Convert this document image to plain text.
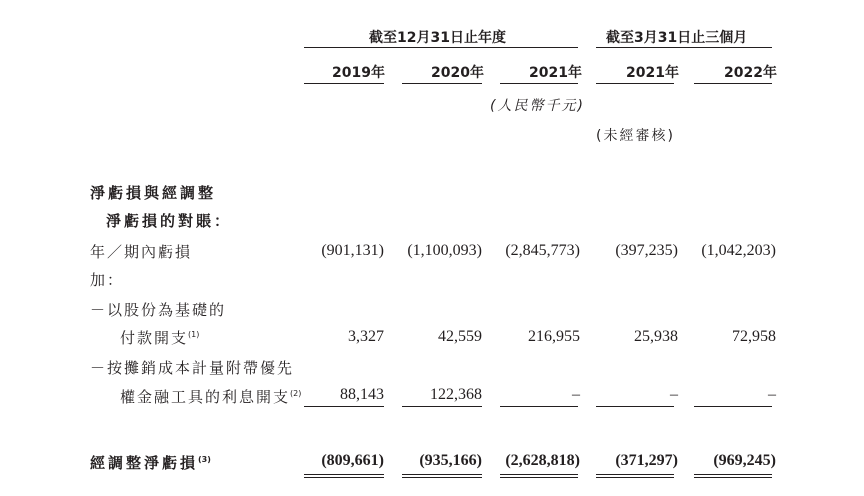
截至12月31日止年度	截至3月31日止三個月
2019年	2020年	2021年	2021年	2022年
(人民幣千元)
(未經審核)
淨虧損與經調整
淨虧損的對賬：
年／期內虧損	(901,131)	(1,100,093)	(2,845,773)	(397,235)	(1,042,203)
加：
－以股份為基礎的
付款開支$^{(1)}$	3,327	42,559	216,955	25,938	72,958
－按攤銷成本計量附帶優先
權金融工具的利息開支$^{(2)}$	88,143	122,368	–	–	–
經調整淨虧損$^{(3)}$	(809,661)	(935,166)	(2,628,818)	(371,297)	(969,245)
